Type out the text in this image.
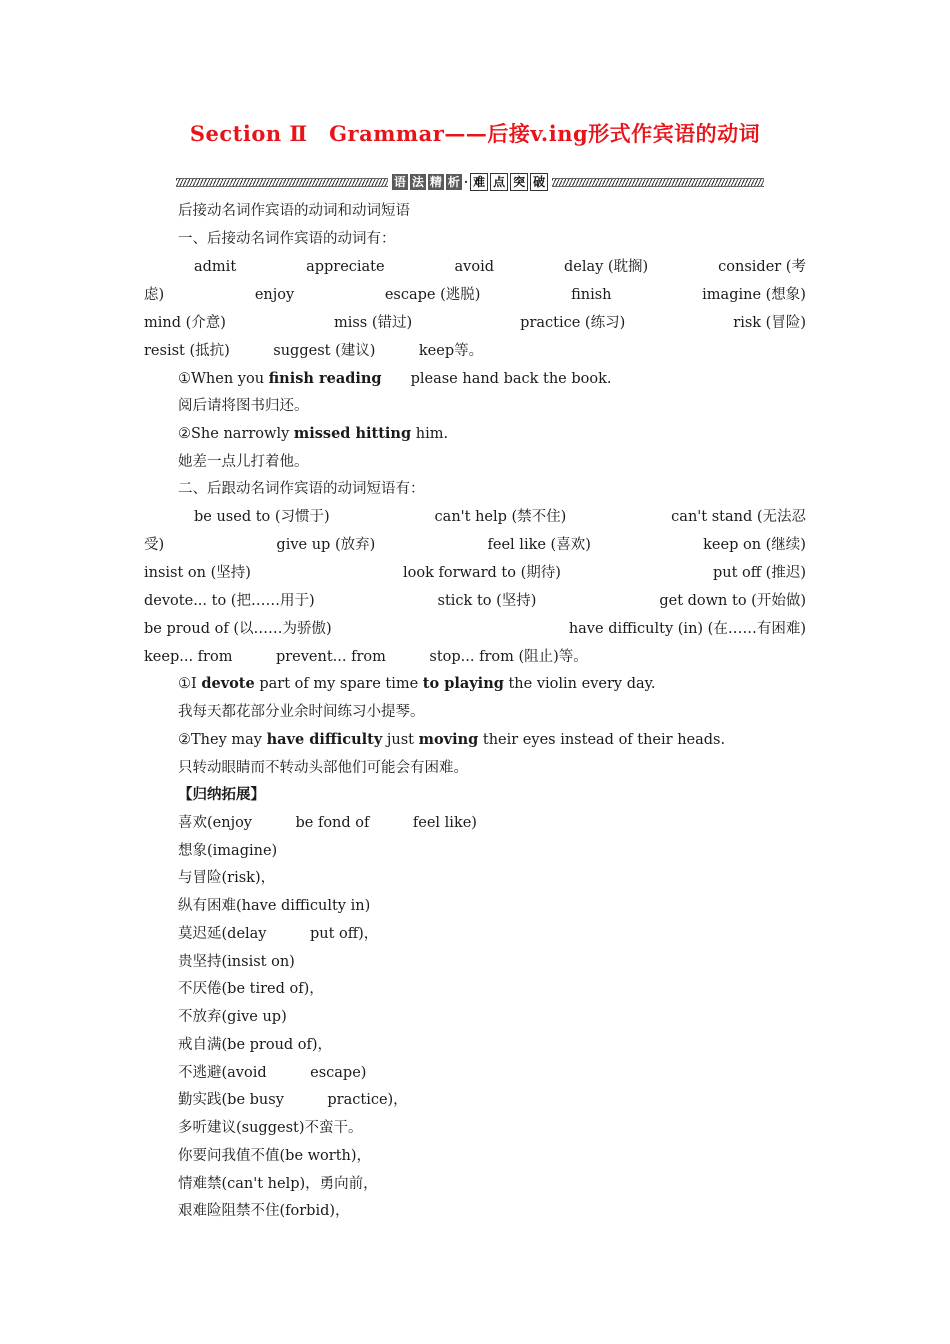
Section Ⅱ　Grammar——后接v.ing形式作宾语的动词
语 法 精 析 · 难 点 突 破
后接动名词作宾语的动词和动词短语
一、后接动名词作宾语的动词有：
admit	appreciate	avoid	delay (耽搁)	consider (考
虑)	enjoy	escape (逃脱)	finish	imagine (想象)
mind (介意)	miss (错过)	practice (练习)	risk (冒险)
resist (抵抗)　　　suggest (建议)　　　keep等。
①When you finish reading　　please hand back the book.
阅后请将图书归还。
②She narrowly missed hitting him.
她差一点儿打着他。
二、后跟动名词作宾语的动词短语有：
be used to (习惯于)	can't help (禁不住)	can't stand (无法忍
受)	give up (放弃)	feel like (喜欢)	keep on (继续)
insist on (坚持)	look forward to (期待)	put off (推迟)
devote... to (把……用于)	stick to (坚持)	get down to (开始做)
be proud of (以……为骄傲)	have difficulty (in) (在……有困难)
keep... from　　　prevent... from　　　stop... from (阻止)等。
①I devote part of my spare time to playing the violin every day.
我每天都花部分业余时间练习小提琴。
②They may have difficulty just moving their eyes instead of their heads.
只转动眼睛而不转动头部他们可能会有困难。
【归纳拓展】
喜欢(enjoy　　　be fond of　　　feel like)
想象(imagine)
与冒险(risk)，
纵有困难(have difficulty in)
莫迟延(delay　　　put off)，
贵坚持(insist on)
不厌倦(be tired of)，
不放弃(give up)
戒自满(be proud of)，
不逃避(avoid　　　escape)
勤实践(be busy　　　practice)，
多听建议(suggest)不蛮干。
你要问我值不值(be worth)，
情难禁(can't help)，勇向前，
艰难险阻禁不住(forbid)，
